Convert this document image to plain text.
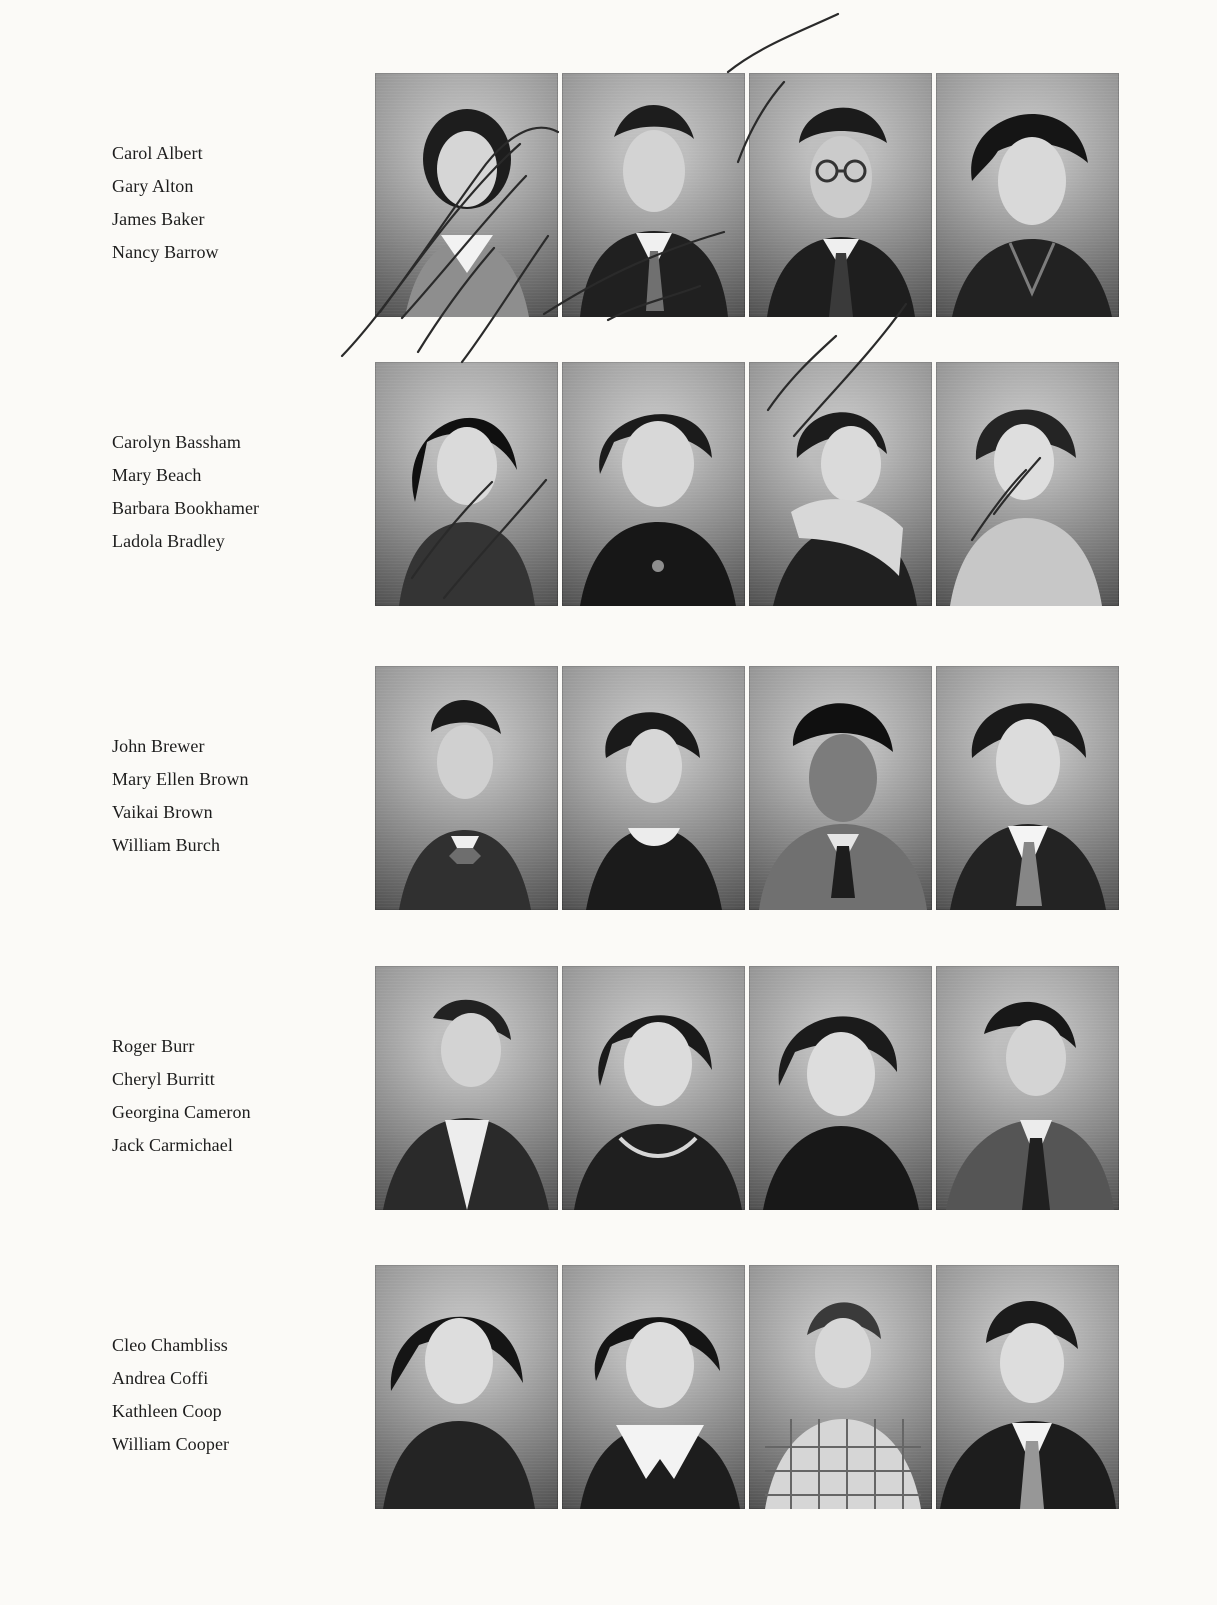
Carol Albert
Gary Alton
James Baker
Nancy Barrow
Carolyn Bassham
Mary Beach
Barbara Bookhamer
Ladola Bradley
John Brewer
Mary Ellen Brown
Vaikai Brown
William Burch
Roger Burr
Cheryl Burritt
Georgina Cameron
Jack Carmichael
Cleo Chambliss
Andrea Coffi
Kathleen Coop
William Cooper
